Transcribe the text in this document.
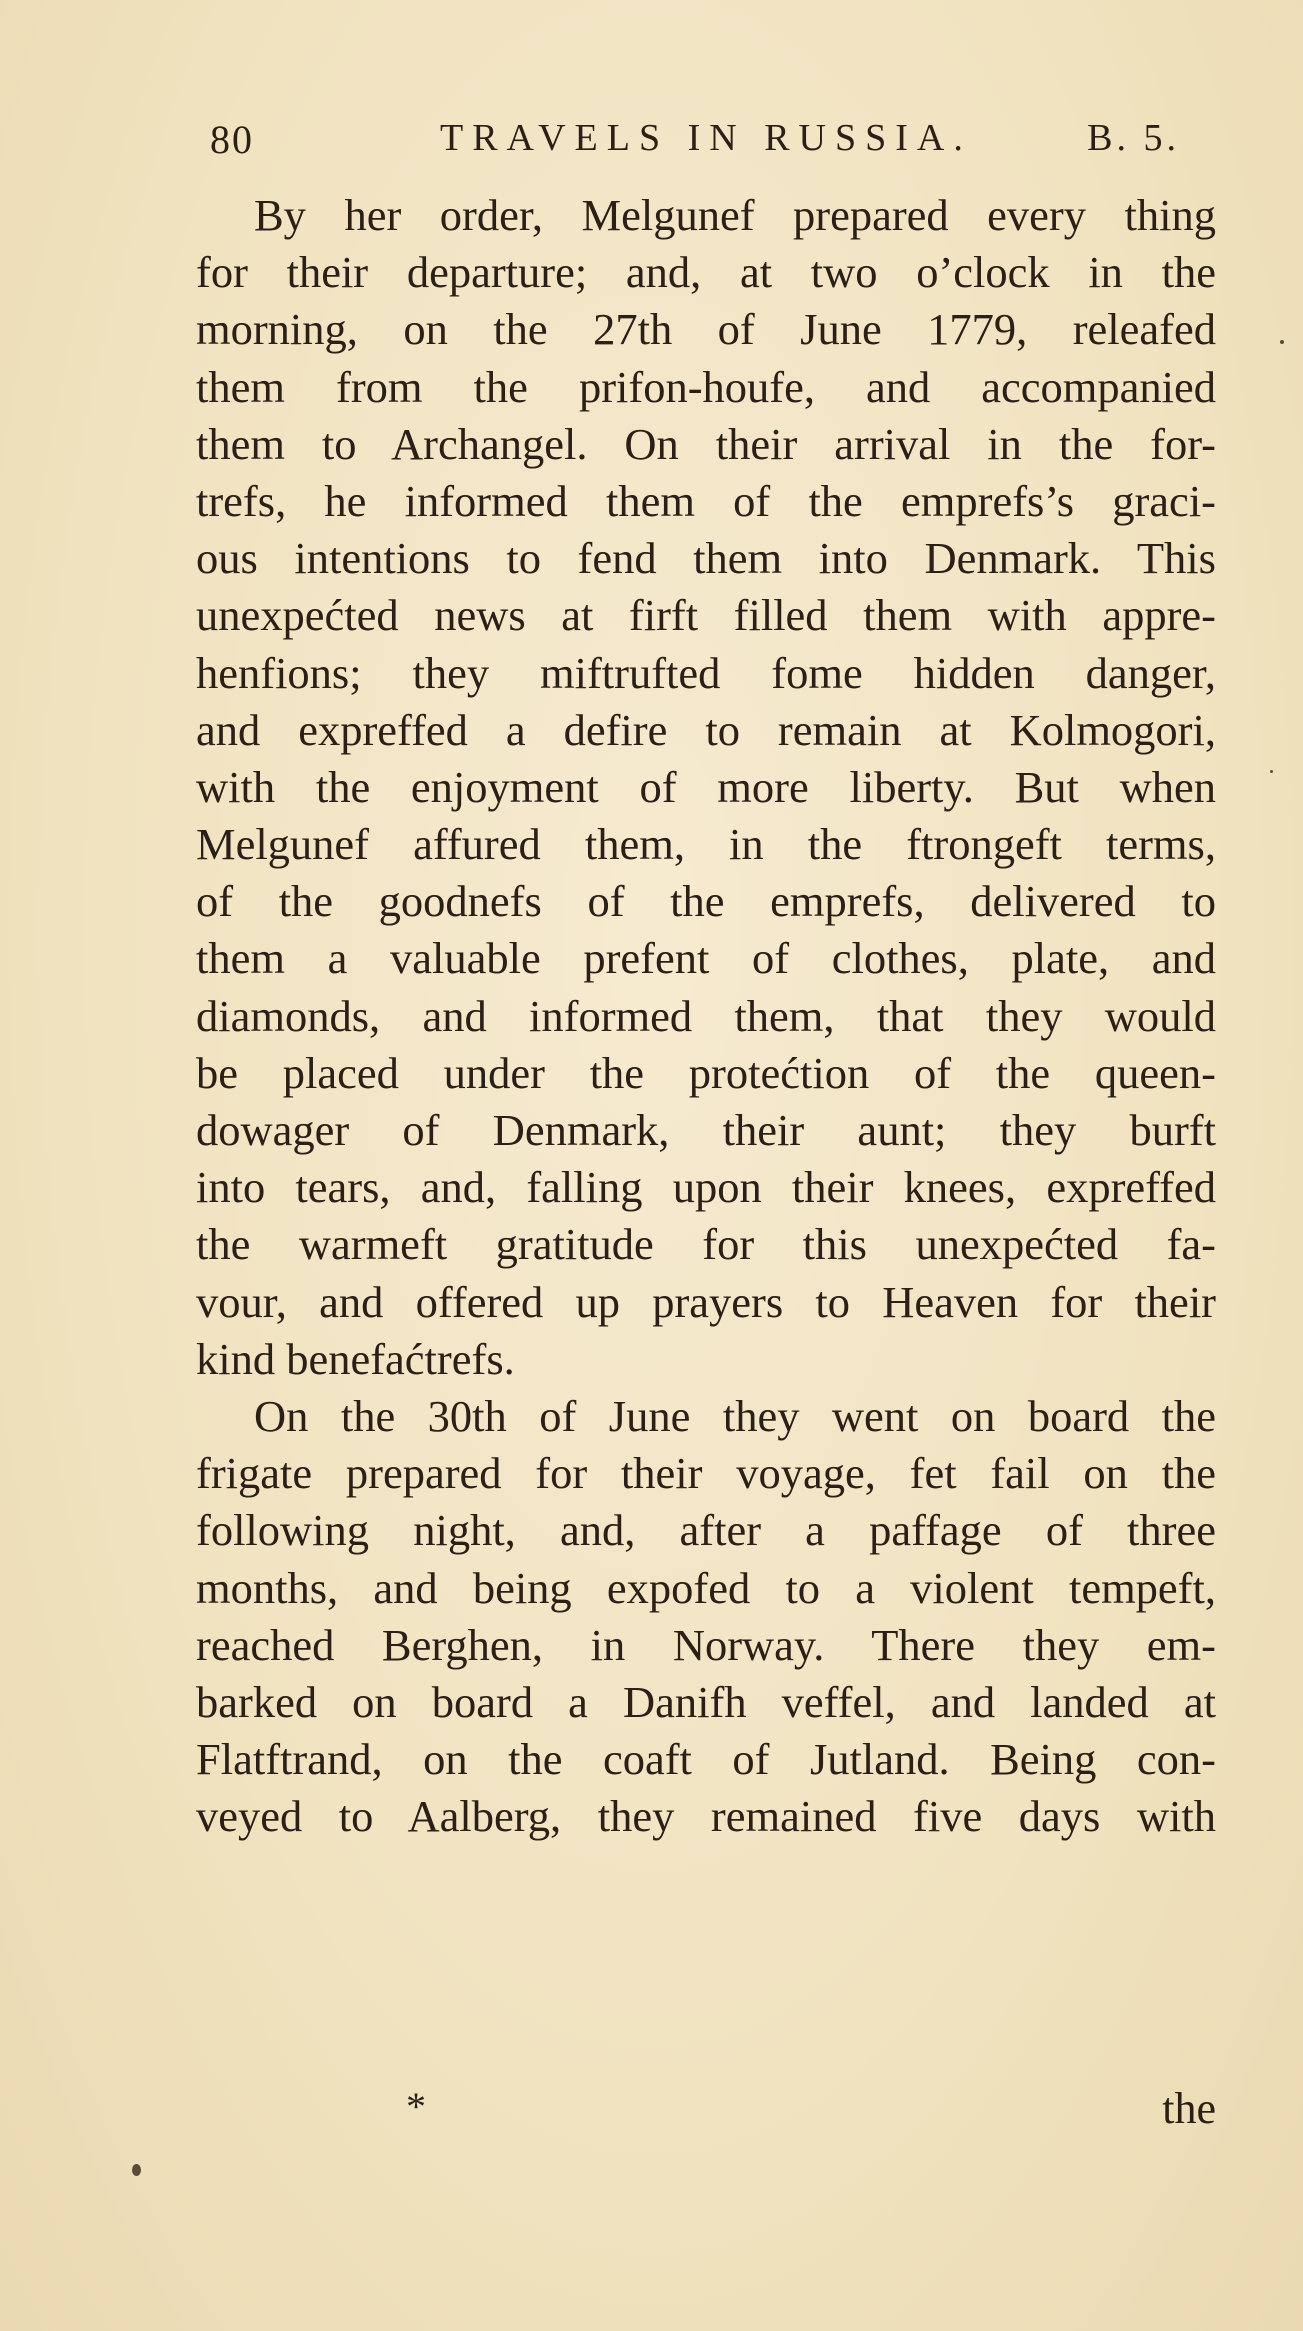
80	TRAVELS IN RUSSIA.	B. 5.
By her order, Melgunef prepared every thing
for their departure; and, at two o’clock in the
morning, on the 27th of June 1779, releafed
them from the prifon-houfe, and accompanied
them to Archangel. On their arrival in the for-
trefs, he informed them of the emprefs’s graci-
ous intentions to fend them into Denmark. This
unexpećted news at firft filled them with appre-
henfions; they miftrufted fome hidden danger,
and expreffed a defire to remain at Kolmogori,
with the enjoyment of more liberty. But when
Melgunef affured them, in the ftrongeft terms,
of the goodnefs of the emprefs, delivered to
them a valuable prefent of clothes, plate, and
diamonds, and informed them, that they would
be placed under the protećtion of the queen-
dowager of Denmark, their aunt; they burft
into tears, and, falling upon their knees, expreffed
the warmeft gratitude for this unexpećted fa-
vour, and offered up prayers to Heaven for their
kind benefaćtrefs.
On the 30th of June they went on board the
frigate prepared for their voyage, fet fail on the
following night, and, after a paffage of three
months, and being expofed to a violent tempeft,
reached Berghen, in Norway. There they em-
barked on board a Danifh veffel, and landed at
Flatftrand, on the coaft of Jutland. Being con-
veyed to Aalberg, they remained five days with
*	the
